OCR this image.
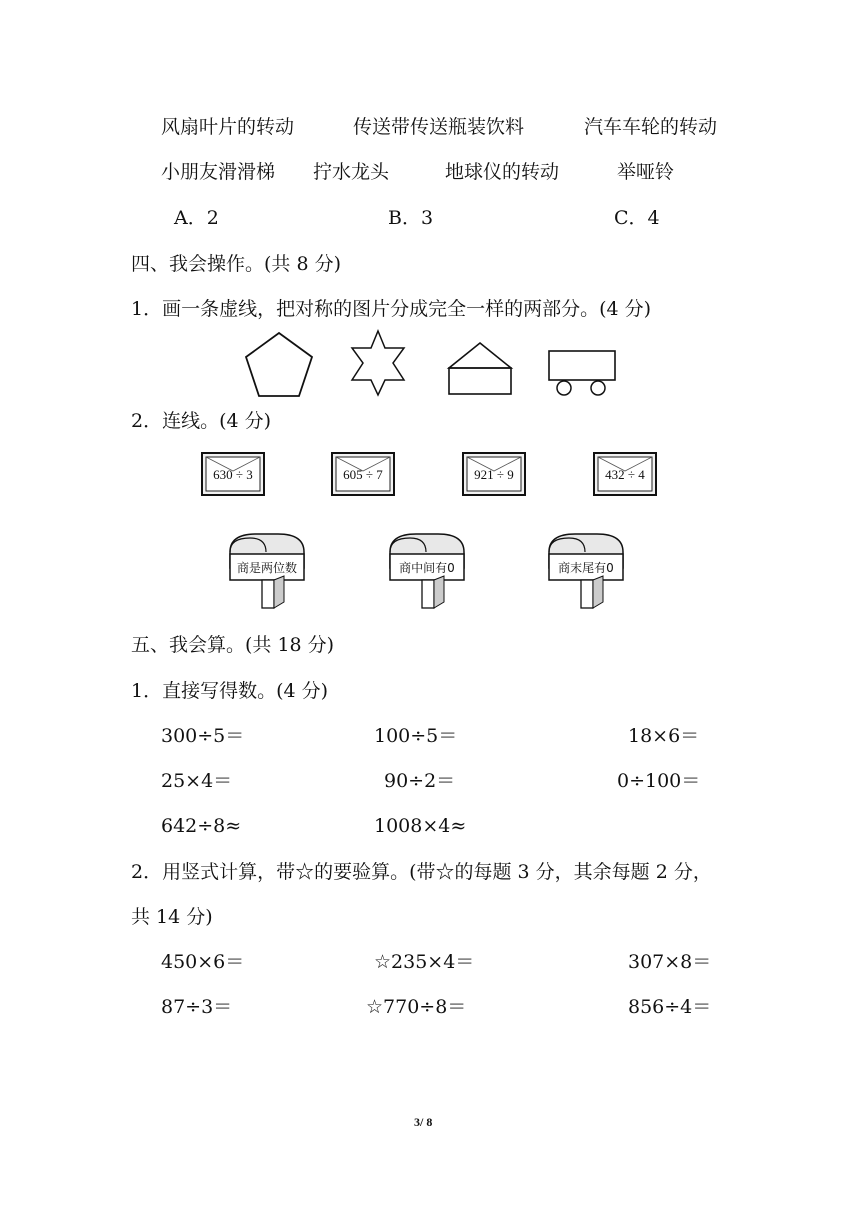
风扇叶片的转动	传送带传送瓶装饮料	汽车车轮的转动
小朋友滑滑梯 拧水龙头	地球仪的转动	举哑铃
A．2	B．3	C．4
四、我会操作。(共 8 分)
1．画一条虚线，把对称的图片分成完全一样的两部分。(4 分)
2．连线。(4 分)
630 ÷ 3	605 ÷ 7	921 ÷ 9	432 ÷ 4
商是两位数	商中间有0	商末尾有0
五、我会算。(共 18 分)
1．直接写得数。(4 分)
300÷5＝	100÷5＝	18×6＝
25×4＝	90÷2＝	0÷100＝
642÷8≈	1008×4≈
2．用竖式计算，带☆的要验算。(带☆的每题 3 分，其余每题 2 分，
共 14 分)
450×6＝	☆235×4＝	307×8＝
87÷3＝	☆770÷8＝	856÷4＝
3/ 8
